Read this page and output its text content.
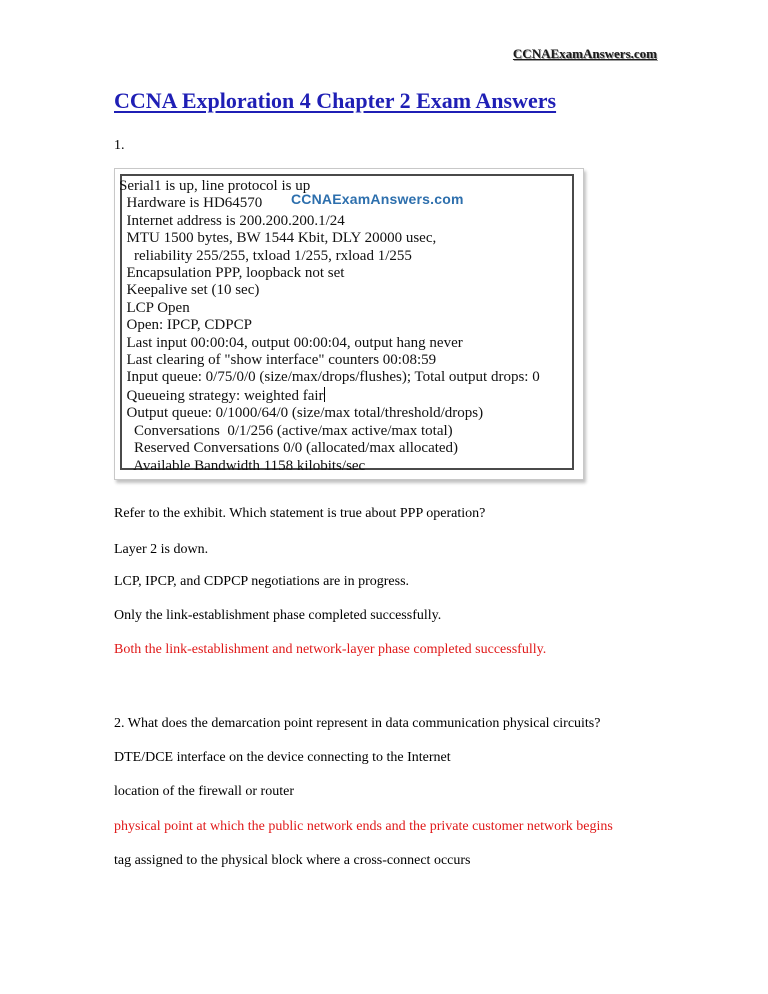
CCNAExamAnswers.com
CCNA Exploration 4 Chapter 2 Exam Answers
1.
CCNAExamAnswers.com
Serial1 is up, line protocol is up
Hardware is HD64570
Internet address is 200.200.200.1/24
MTU 1500 bytes, BW 1544 Kbit, DLY 20000 usec,
reliability 255/255, txload 1/255, rxload 1/255
Encapsulation PPP, loopback not set
Keepalive set (10 sec)
LCP Open
Open: IPCP, CDPCP
Last input 00:00:04, output 00:00:04, output hang never
Last clearing of "show interface" counters 00:08:59
Input queue: 0/75/0/0 (size/max/drops/flushes); Total output drops: 0
Queueing strategy: weighted fair
Output queue: 0/1000/64/0 (size/max total/threshold/drops)
Conversations  0/1/256 (active/max active/max total)
Reserved Conversations 0/0 (allocated/max allocated)
Available Bandwidth 1158 kilobits/sec
Refer to the exhibit. Which statement is true about PPP operation?
Layer 2 is down.
LCP, IPCP, and CDPCP negotiations are in progress.
Only the link-establishment phase completed successfully.
Both the link-establishment and network-layer phase completed successfully.
2. What does the demarcation point represent in data communication physical circuits?
DTE/DCE interface on the device connecting to the Internet
location of the firewall or router
physical point at which the public network ends and the private customer network begins
tag assigned to the physical block where a cross-connect occurs
